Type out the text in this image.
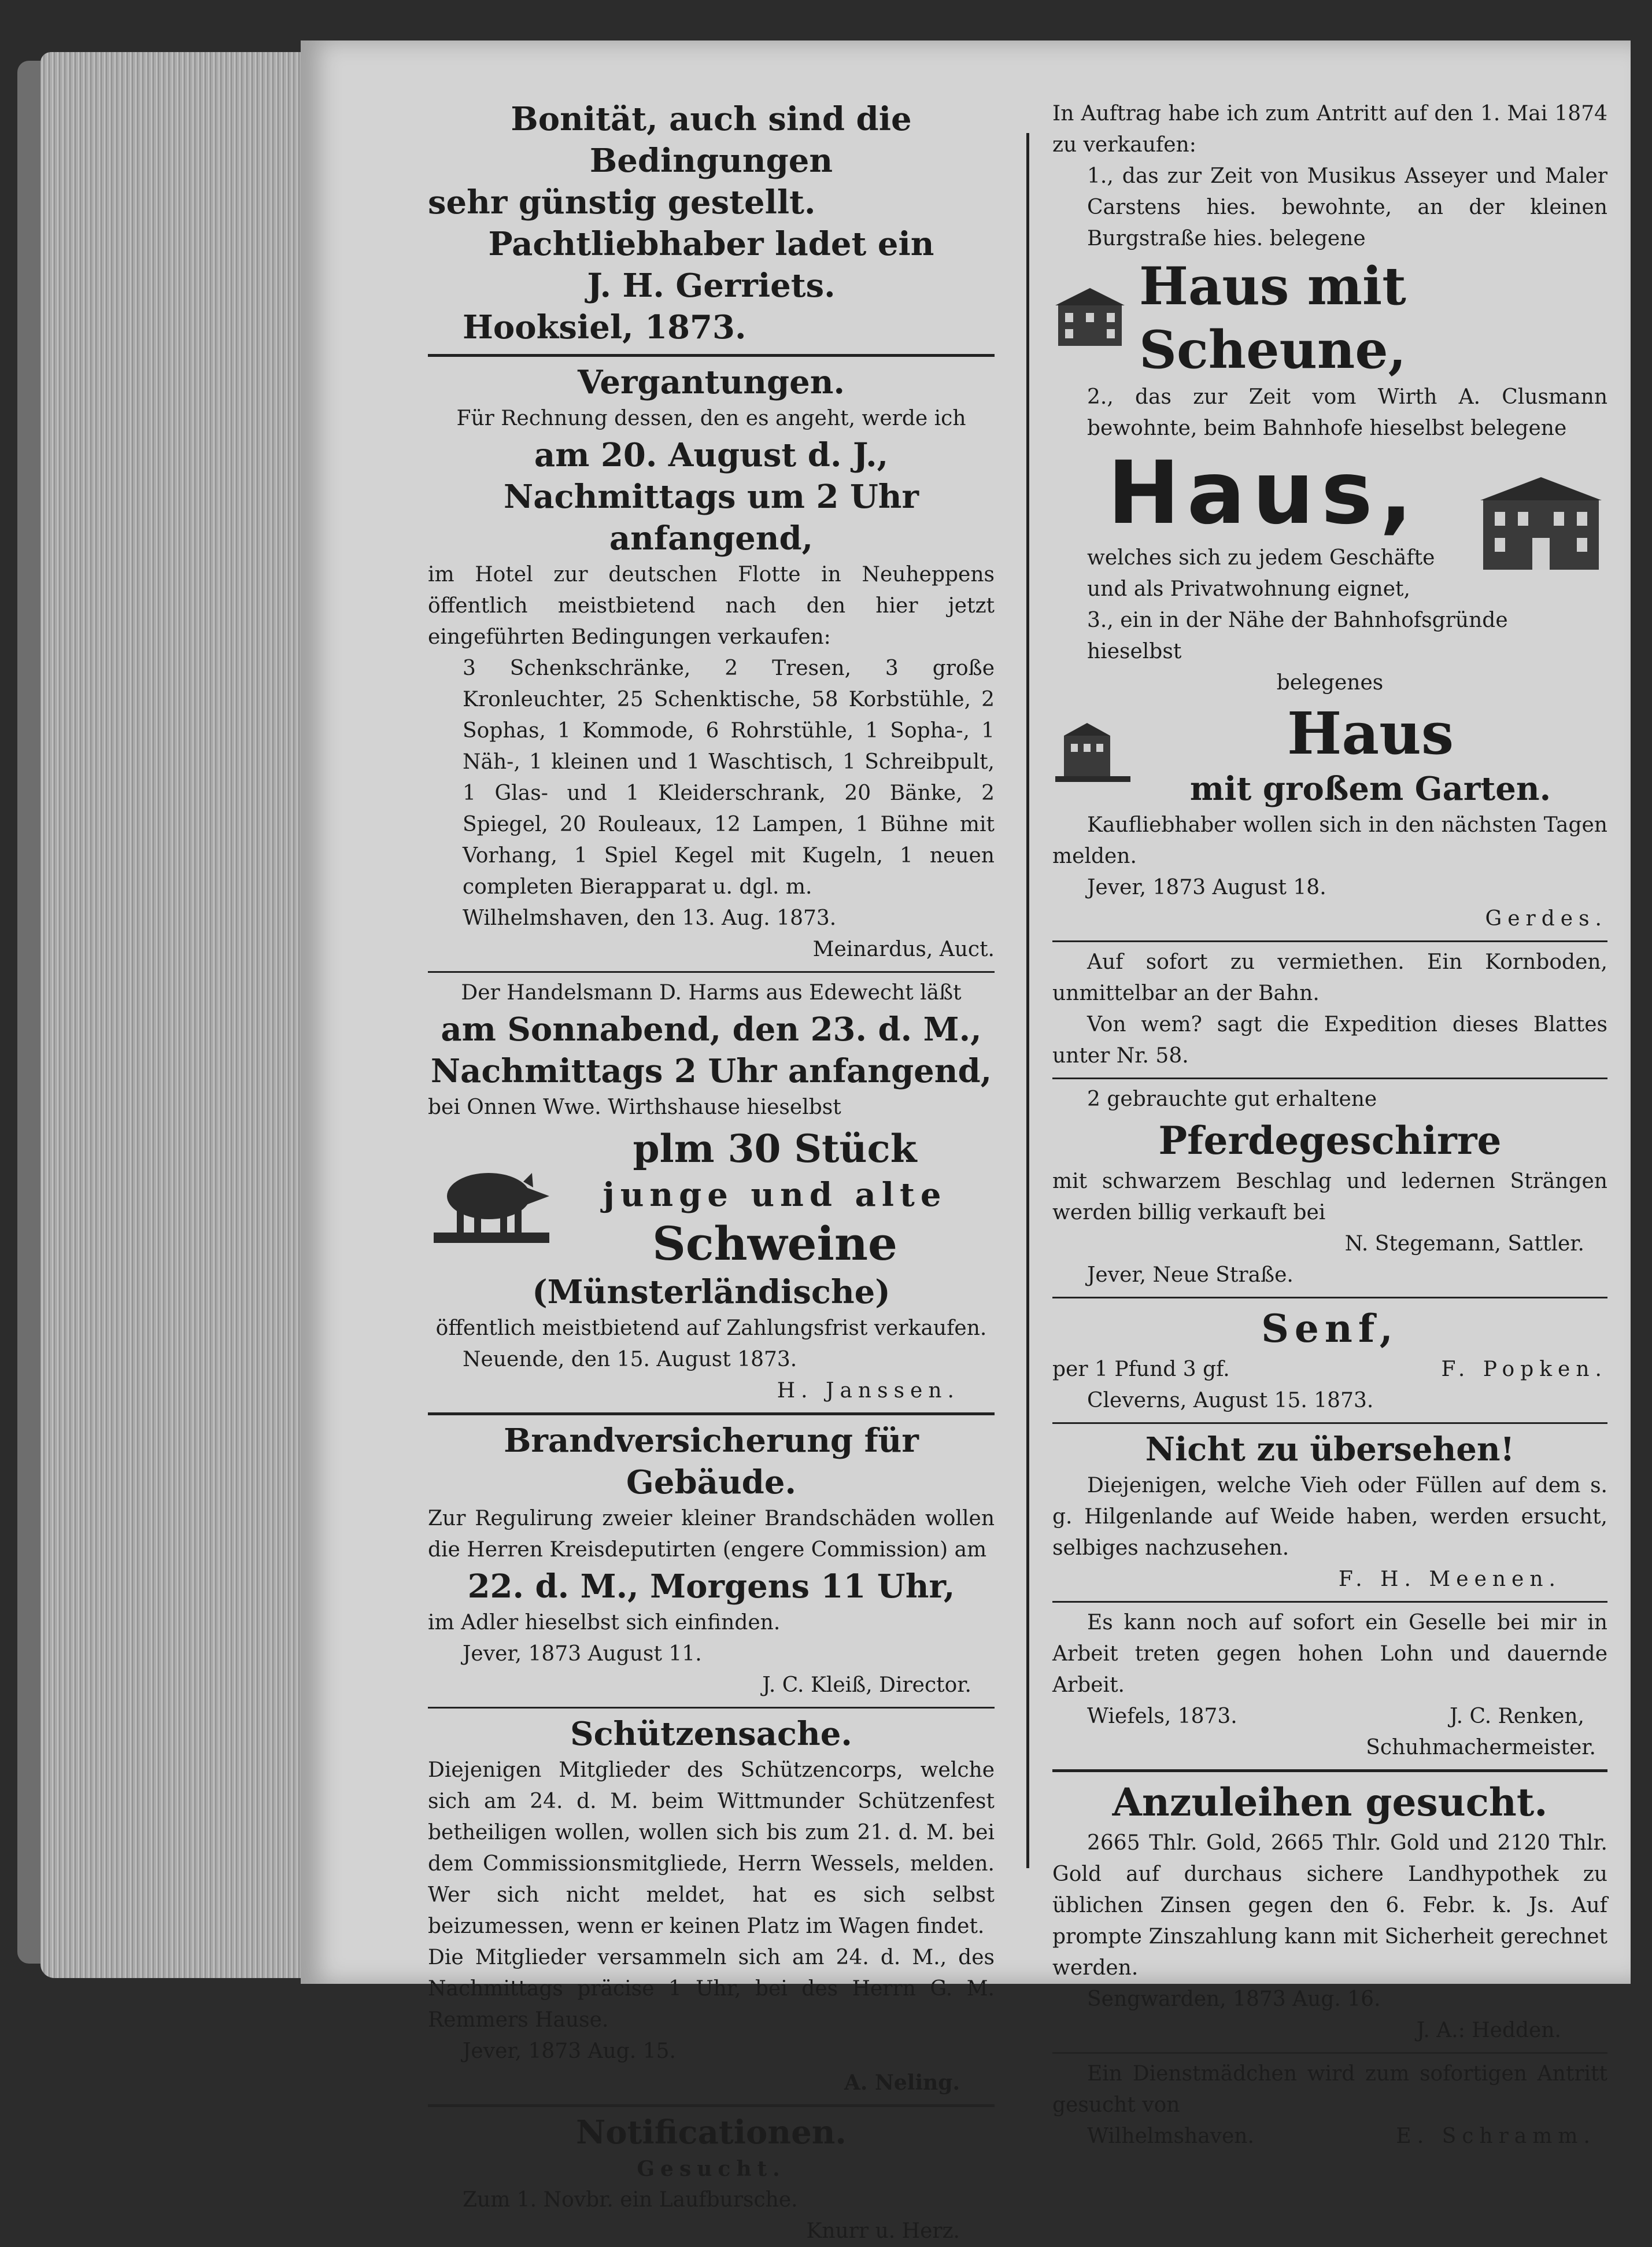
Bonität, auch sind die Bedingungen

sehr günstig gestellt.

Pachtliebhaber ladet ein

J. H. Gerriets.

Hooksiel, 1873.

Vergantungen.

Für Rechnung dessen, den es angeht, werde ich

am 20. August d. J.,

Nachmittags um 2 Uhr anfangend,

im Hotel zur deutschen Flotte in Neuheppens öffentlich meistbietend nach den hier jetzt eingeführten Bedingungen verkaufen:

3 Schenkschränke, 2 Tresen, 3 große Kronleuchter, 25 Schenktische, 58 Korbstühle, 2 Sophas, 1 Kommode, 6 Rohrstühle, 1 Sopha-, 1 Näh-, 1 kleinen und 1 Waschtisch, 1 Schreibpult, 1 Glas- und 1 Kleiderschrank, 20 Bänke, 2 Spiegel, 20 Rouleaux, 12 Lampen, 1 Bühne mit Vorhang, 1 Spiel Kegel mit Kugeln, 1 neuen completen Bierapparat u. dgl. m.

Wilhelmshaven, den 13. Aug. 1873.

Meinardus, Auct.

Der Handelsmann D. Harms aus Edewecht läßt

am Sonnabend, den 23. d. M.,

Nachmittags 2 Uhr anfangend,

bei Onnen Wwe. Wirthshause hieselbst

plm 30 Stück

junge und alte

Schweine

(Münsterländische)

öffentlich meistbietend auf Zahlungsfrist verkaufen.

Neuende, den 15. August 1873.

H. Janssen.

Brandversicherung für Gebäude.

Zur Regulirung zweier kleiner Brandschäden wollen die Herren Kreisdeputirten (engere Commission) am

22. d. M., Morgens 11 Uhr,

im Adler hieselbst sich einfinden.

Jever, 1873 August 11.

J. C. Kleiß, Director.

Schützensache.

Diejenigen Mitglieder des Schützencorps, welche sich am 24. d. M. beim Wittmunder Schützenfest betheiligen wollen, wollen sich bis zum 21. d. M. bei dem Commissionsmitgliede, Herrn Wessels, melden. Wer sich nicht meldet, hat es sich selbst beizumessen, wenn er keinen Platz im Wagen findet.

Die Mitglieder versammeln sich am 24. d. M., des Nachmittags präcise 1 Uhr, bei des Herrn G. M. Remmers Hause.

Jever, 1873 Aug. 15.

A. Neling.

Notificationen.

Gesucht.

Zum 1. Novbr. ein Laufbursche.

Knurr u. Herz.

In Auftrag habe ich zum Antritt auf den 1. Mai 1874 zu verkaufen:

1., das zur Zeit von Musikus Asseyer und Maler Carstens hies. bewohnte, an der kleinen Burgstraße hies. belegene

Haus mit Scheune,

2., das zur Zeit vom Wirth A. Clusmann bewohnte, beim Bahnhofe hieselbst belegene

Haus,

welches sich zu jedem Geschäfte und als Privatwohnung eignet,

3., ein in der Nähe der Bahnhofsgründe hieselbst

belegenes

Haus

mit großem Garten.

Kaufliebhaber wollen sich in den nächsten Tagen melden.

Jever, 1873 August 18.

Gerdes.

Auf sofort zu vermiethen. Ein Kornboden, unmittelbar an der Bahn.

Von wem? sagt die Expedition dieses Blattes unter Nr. 58.

2 gebrauchte gut erhaltene

Pferdegeschirre

mit schwarzem Beschlag und ledernen Strängen werden billig verkauft bei

N. Stegemann, Sattler.

Jever, Neue Straße.

Senf,

per 1 Pfund 3 gf.	F. Popken.

Cleverns, August 15. 1873.

Nicht zu übersehen!

Diejenigen, welche Vieh oder Füllen auf dem s. g. Hilgenlande auf Weide haben, werden ersucht, selbiges nachzusehen.

F. H. Meenen.

Es kann noch auf sofort ein Geselle bei mir in Arbeit treten gegen hohen Lohn und dauernde Arbeit.

Wiefels, 1873.	J. C. Renken,

Schuhmachermeister.

Anzuleihen gesucht.

2665 Thlr. Gold, 2665 Thlr. Gold und 2120 Thlr. Gold auf durchaus sichere Landhypothek zu üblichen Zinsen gegen den 6. Febr. k. Js. Auf prompte Zinszahlung kann mit Sicherheit gerechnet werden.

Sengwarden, 1873 Aug. 16.

J. A.: Hedden.

Ein Dienstmädchen wird zum sofortigen Antritt gesucht von

Wilhelmshaven.	E. Schramm.
